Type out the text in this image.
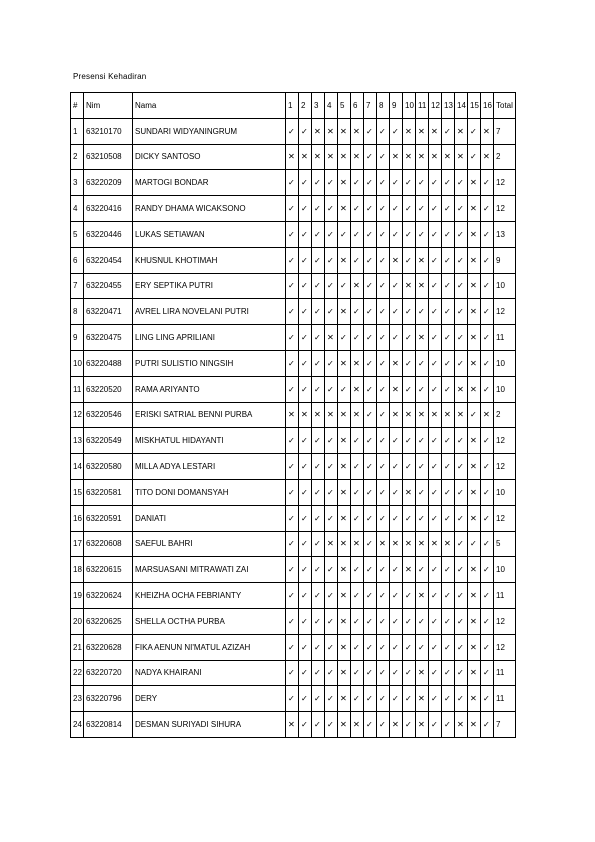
Presensi Kehadiran
#	Nim	Nama	1	2	3	4	5	6	7	8	9	10	11	12	13	14	15	16	Total
1	63210170	SUNDARI WIDYANINGRUM	✓	✓	✕	✕	✕	✕	✓	✓	✓	✕	✕	✕	✓	✕	✓	✕	7
2	63210508	DICKY SANTOSO	✕	✕	✕	✕	✕	✕	✓	✓	✕	✕	✕	✕	✕	✕	✓	✕	2
3	63220209	MARTOGI BONDAR	✓	✓	✓	✓	✕	✓	✓	✓	✓	✓	✓	✓	✓	✓	✕	✓	12
4	63220416	RANDY DHAMA WICAKSONO	✓	✓	✓	✓	✕	✓	✓	✓	✓	✓	✓	✓	✓	✓	✕	✓	12
5	63220446	LUKAS SETIAWAN	✓	✓	✓	✓	✓	✓	✓	✓	✓	✓	✓	✓	✓	✓	✕	✓	13
6	63220454	KHUSNUL KHOTIMAH	✓	✓	✓	✓	✕	✓	✓	✓	✕	✓	✕	✓	✓	✓	✕	✓	9
7	63220455	ERY SEPTIKA PUTRI	✓	✓	✓	✓	✓	✕	✓	✓	✓	✕	✕	✓	✓	✓	✕	✓	10
8	63220471	AVREL LIRA NOVELANI PUTRI	✓	✓	✓	✓	✕	✓	✓	✓	✓	✓	✓	✓	✓	✓	✕	✓	12
9	63220475	LING LING APRILIANI	✓	✓	✓	✕	✓	✓	✓	✓	✓	✓	✕	✓	✓	✓	✕	✓	11
10	63220488	PUTRI SULISTIO NINGSIH	✓	✓	✓	✓	✕	✕	✓	✓	✕	✓	✓	✓	✓	✓	✕	✓	10
11	63220520	RAMA ARIYANTO	✓	✓	✓	✓	✓	✕	✓	✓	✕	✓	✓	✓	✓	✕	✕	✓	10
12	63220546	ERISKI SATRIAL BENNI PURBA	✕	✕	✕	✕	✕	✕	✓	✓	✕	✕	✕	✕	✕	✕	✓	✕	2
13	63220549	MISKHATUL HIDAYANTI	✓	✓	✓	✓	✕	✓	✓	✓	✓	✓	✓	✓	✓	✓	✕	✓	12
14	63220580	MILLA ADYA LESTARI	✓	✓	✓	✓	✕	✓	✓	✓	✓	✓	✓	✓	✓	✓	✕	✓	12
15	63220581	TITO DONI DOMANSYAH	✓	✓	✓	✓	✕	✓	✓	✓	✓	✕	✓	✓	✓	✓	✕	✓	10
16	63220591	DANIATI	✓	✓	✓	✓	✕	✓	✓	✓	✓	✓	✓	✓	✓	✓	✕	✓	12
17	63220608	SAEFUL BAHRI	✓	✓	✓	✕	✕	✕	✓	✕	✕	✕	✕	✕	✕	✓	✓	✓	5
18	63220615	MARSUASANI MITRAWATI ZAI	✓	✓	✓	✓	✕	✓	✓	✓	✓	✕	✓	✓	✓	✓	✕	✓	10
19	63220624	KHEIZHA OCHA FEBRIANTY	✓	✓	✓	✓	✕	✓	✓	✓	✓	✓	✕	✓	✓	✓	✕	✓	11
20	63220625	SHELLA OCTHA PURBA	✓	✓	✓	✓	✕	✓	✓	✓	✓	✓	✓	✓	✓	✓	✕	✓	12
21	63220628	FIKA AENUN NI'MATUL AZIZAH	✓	✓	✓	✓	✕	✓	✓	✓	✓	✓	✓	✓	✓	✓	✕	✓	12
22	63220720	NADYA KHAIRANI	✓	✓	✓	✓	✕	✓	✓	✓	✓	✓	✕	✓	✓	✓	✕	✓	11
23	63220796	DERY	✓	✓	✓	✓	✕	✓	✓	✓	✓	✓	✕	✓	✓	✓	✕	✓	11
24	63220814	DESMAN SURIYADI SIHURA	✕	✓	✓	✓	✕	✕	✓	✓	✕	✓	✕	✓	✓	✕	✕	✓	7
